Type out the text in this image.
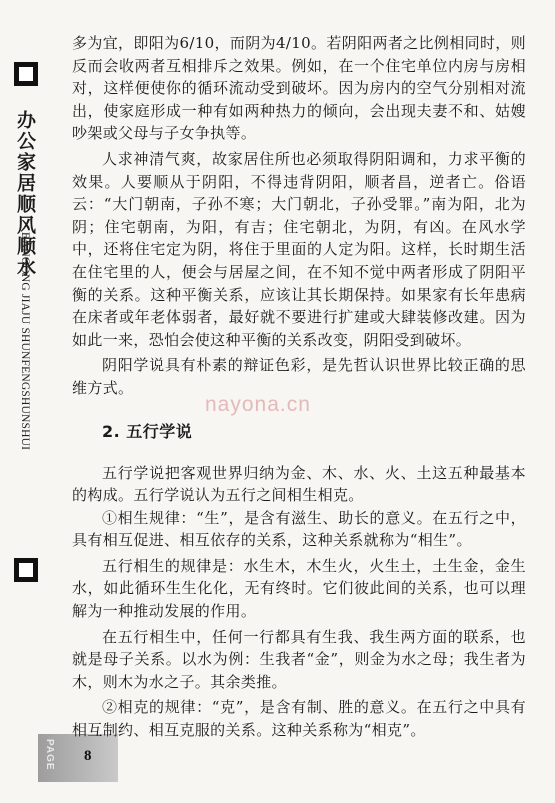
办公家居顺风顺水
BANGONG JIAJU SHUNFENGSHUNSHUI
PAGE 8

多为宜，即阳为6/10，而阴为4/10。若阴阳两者之比例相同时，则反而会收两者互相排斥之效果。例如，在一个住宅单位内房与房相对，这样便使你的循环流动受到破坏。因为房内的空气分别相对流出，使家庭形成一种有如两种热力的倾向，会出现夫妻不和、姑嫂吵架或父母与子女争执等。

人求神清气爽，故家居住所也必须取得阴阳调和，力求平衡的效果。人要顺从于阴阳，不得违背阴阳，顺者昌，逆者亡。俗语云：“大门朝南，子孙不寒；大门朝北，子孙受罪。”南为阳，北为阴；住宅朝南，为阳，有吉；住宅朝北，为阴，有凶。在风水学中，还将住宅定为阴，将住于里面的人定为阳。这样，长时期生活在住宅里的人，便会与居屋之间，在不知不觉中两者形成了阴阳平衡的关系。这种平衡关系，应该让其长期保持。如果家有长年患病在床者或年老体弱者，最好就不要进行扩建或大肆装修改建。因为如此一来，恐怕会使这种平衡的关系改变，阴阳受到破坏。

阴阳学说具有朴素的辩证色彩，是先哲认识世界比较正确的思维方式。

2. 五行学说

五行学说把客观世界归纳为金、木、水、火、土这五种最基本的构成。五行学说认为五行之间相生相克。

①相生规律：“生”，是含有滋生、助长的意义。在五行之中，具有相互促进、相互依存的关系，这种关系就称为“相生”。

五行相生的规律是：水生木，木生火，火生土，土生金，金生水，如此循环生生化化，无有终时。它们彼此间的关系，也可以理解为一种推动发展的作用。

在五行相生中，任何一行都具有生我、我生两方面的联系，也就是母子关系。以水为例：生我者“金”，则金为水之母；我生者为木，则木为水之子。其余类推。

②相克的规律：“克”，是含有制、胜的意义。在五行之中具有相互制约、相互克服的关系。这种关系称为“相克”。

nayona.cn
